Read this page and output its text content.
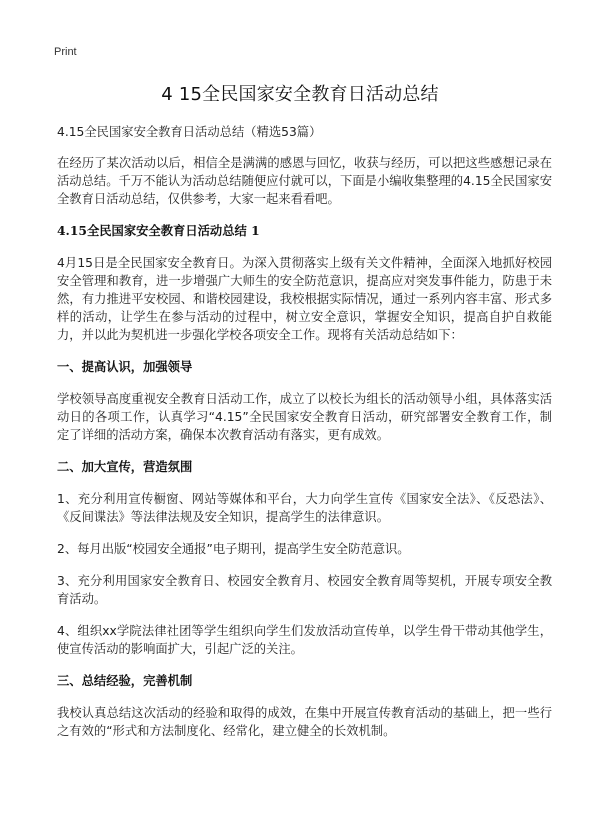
Print
4 15全民国家安全教育日活动总结
4.15全民国家安全教育日活动总结（精选53篇）

在经历了某次活动以后，相信全是满满的感恩与回忆，收获与经历，可以把这些感想记录在活动总结。千万不能认为活动总结随便应付就可以，下面是小编收集整理的4.15全民国家安全教育日活动总结，仅供参考，大家一起来看看吧。

4.15全民国家安全教育日活动总结 1

4月15日是全民国家安全教育日。为深入贯彻落实上级有关文件精神，全面深入地抓好校园安全管理和教育，进一步增强广大师生的安全防范意识，提高应对突发事件能力，防患于未然，有力推进平安校园、和谐校园建设，我校根据实际情况，通过一系列内容丰富、形式多样的活动，让学生在参与活动的过程中，树立安全意识，掌握安全知识，提高自护自救能力，并以此为契机进一步强化学校各项安全工作。现将有关活动总结如下：

一、提高认识，加强领导

学校领导高度重视安全教育日活动工作，成立了以校长为组长的活动领导小组，具体落实活动日的各项工作，认真学习“4.15”全民国家安全教育日活动，研究部署安全教育工作，制定了详细的活动方案，确保本次教育活动有落实，更有成效。

二、加大宣传，营造氛围

1、充分利用宣传橱窗、网站等媒体和平台，大力向学生宣传《国家安全法》、《反恐法》、《反间谍法》等法律法规及安全知识，提高学生的法律意识。

2、每月出版“校园安全通报”电子期刊，提高学生安全防范意识。

3、充分利用国家安全教育日、校园安全教育月、校园安全教育周等契机，开展专项安全教育活动。

4、组织xx学院法律社团等学生组织向学生们发放活动宣传单，以学生骨干带动其他学生，使宣传活动的影响面扩大，引起广泛的关注。

三、总结经验，完善机制

我校认真总结这次活动的经验和取得的成效，在集中开展宣传教育活动的基础上，把一些行之有效的“形式和方法制度化、经常化，建立健全的长效机制。
